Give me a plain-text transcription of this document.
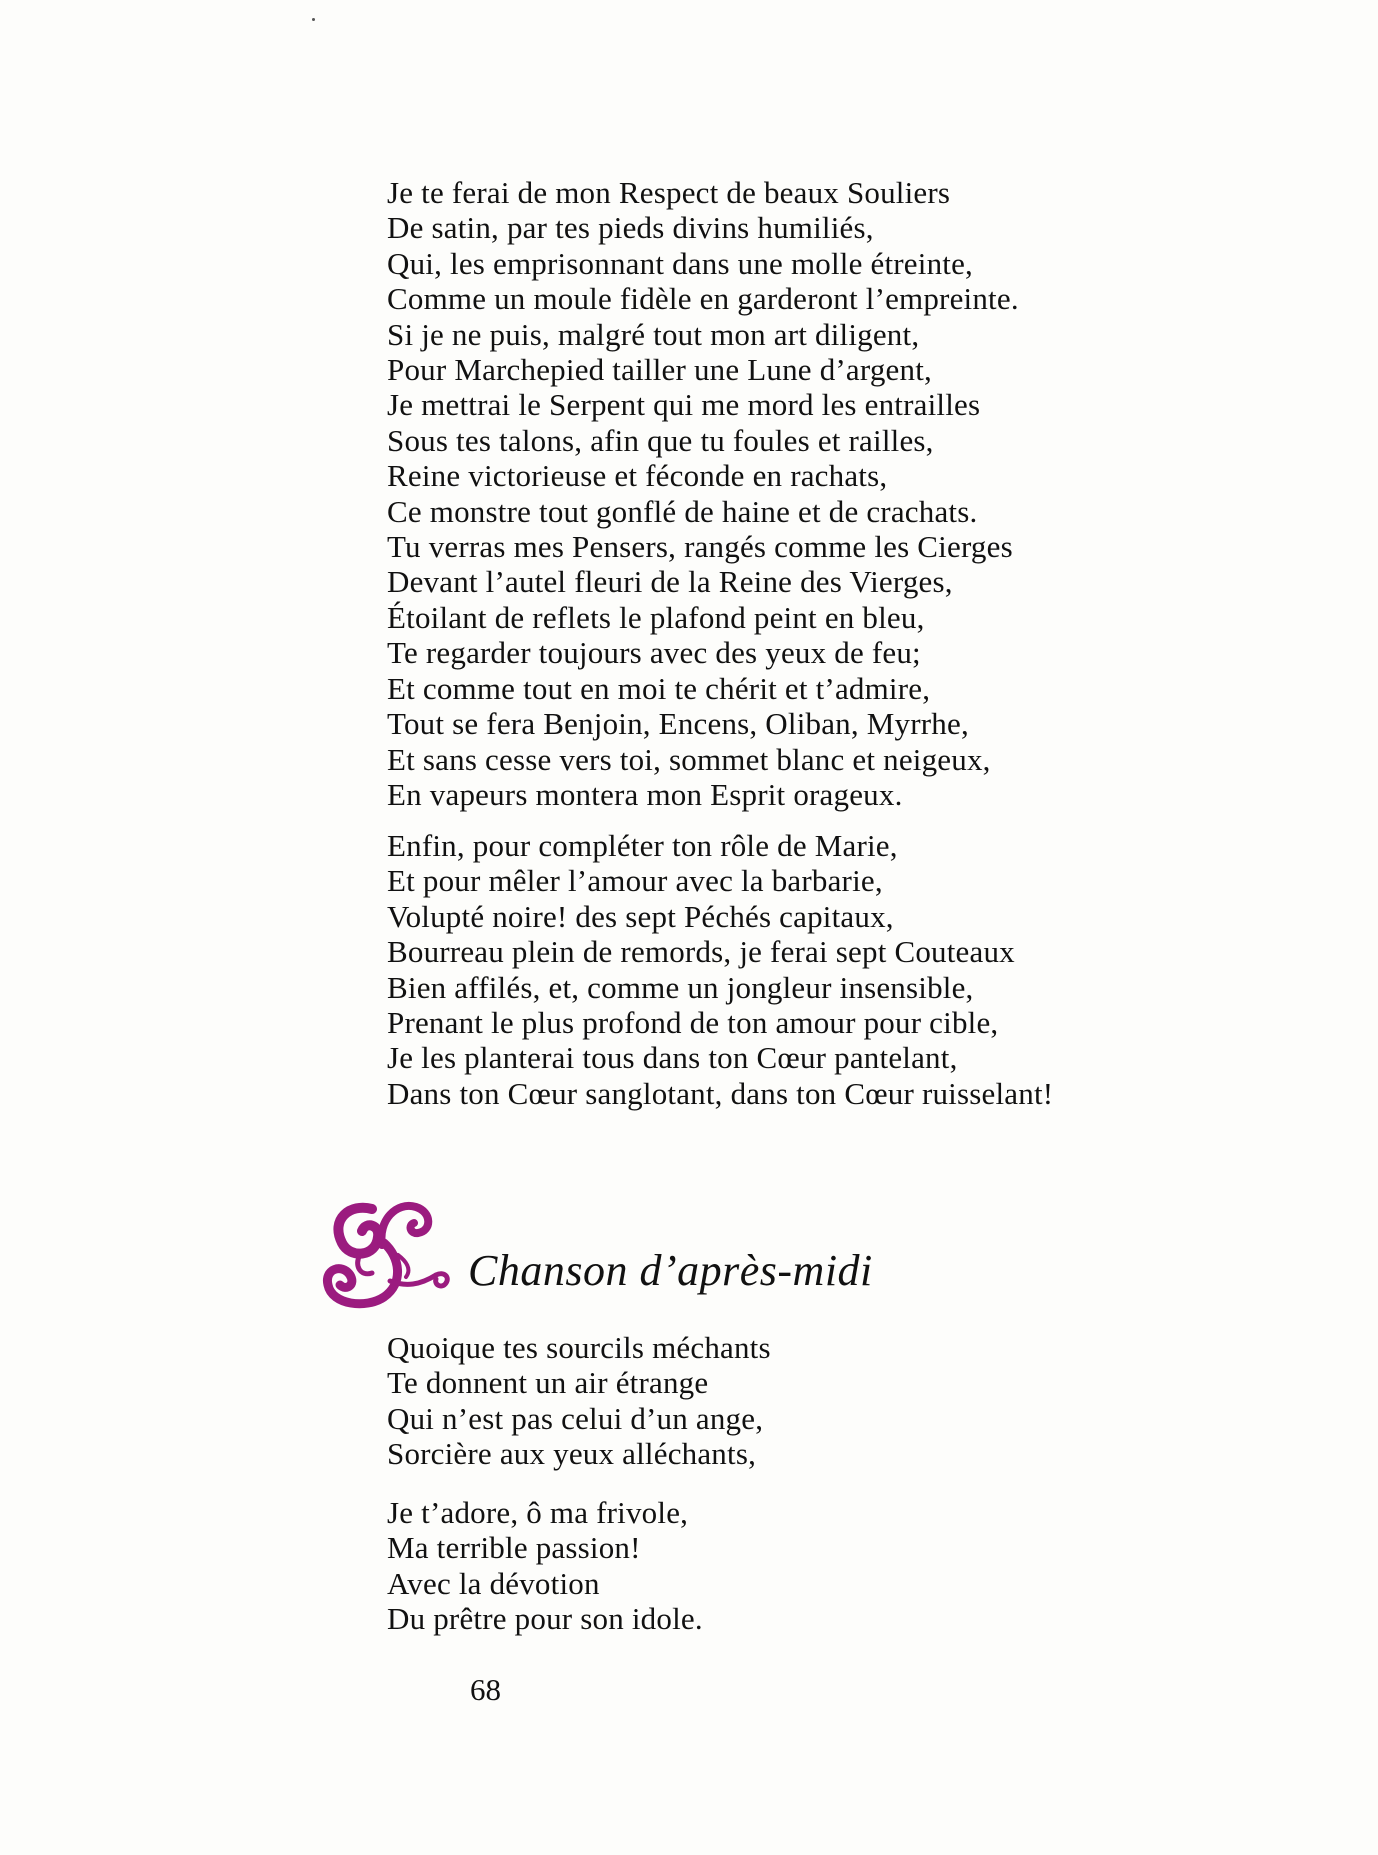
Je te ferai de mon Respect de beaux Souliers
De satin, par tes pieds divins humiliés,
Qui, les emprisonnant dans une molle étreinte,
Comme un moule fidèle en garderont l’empreinte.
Si je ne puis, malgré tout mon art diligent,
Pour Marchepied tailler une Lune d’argent,
Je mettrai le Serpent qui me mord les entrailles
Sous tes talons, afin que tu foules et railles,
Reine victorieuse et féconde en rachats,
Ce monstre tout gonflé de haine et de crachats.
Tu verras mes Pensers, rangés comme les Cierges
Devant l’autel fleuri de la Reine des Vierges,
Étoilant de reflets le plafond peint en bleu,
Te regarder toujours avec des yeux de feu;
Et comme tout en moi te chérit et t’admire,
Tout se fera Benjoin, Encens, Oliban, Myrrhe,
Et sans cesse vers toi, sommet blanc et neigeux,
En vapeurs montera mon Esprit orageux.
Enfin, pour compléter ton rôle de Marie,
Et pour mêler l’amour avec la barbarie,
Volupté noire! des sept Péchés capitaux,
Bourreau plein de remords, je ferai sept Couteaux
Bien affilés, et, comme un jongleur insensible,
Prenant le plus profond de ton amour pour cible,
Je les planterai tous dans ton Cœur pantelant,
Dans ton Cœur sanglotant, dans ton Cœur ruisselant!
Chanson d’après-midi
Quoique tes sourcils méchants
Te donnent un air étrange
Qui n’est pas celui d’un ange,
Sorcière aux yeux alléchants,
Je t’adore, ô ma frivole,
Ma terrible passion!
Avec la dévotion
Du prêtre pour son idole.
68
